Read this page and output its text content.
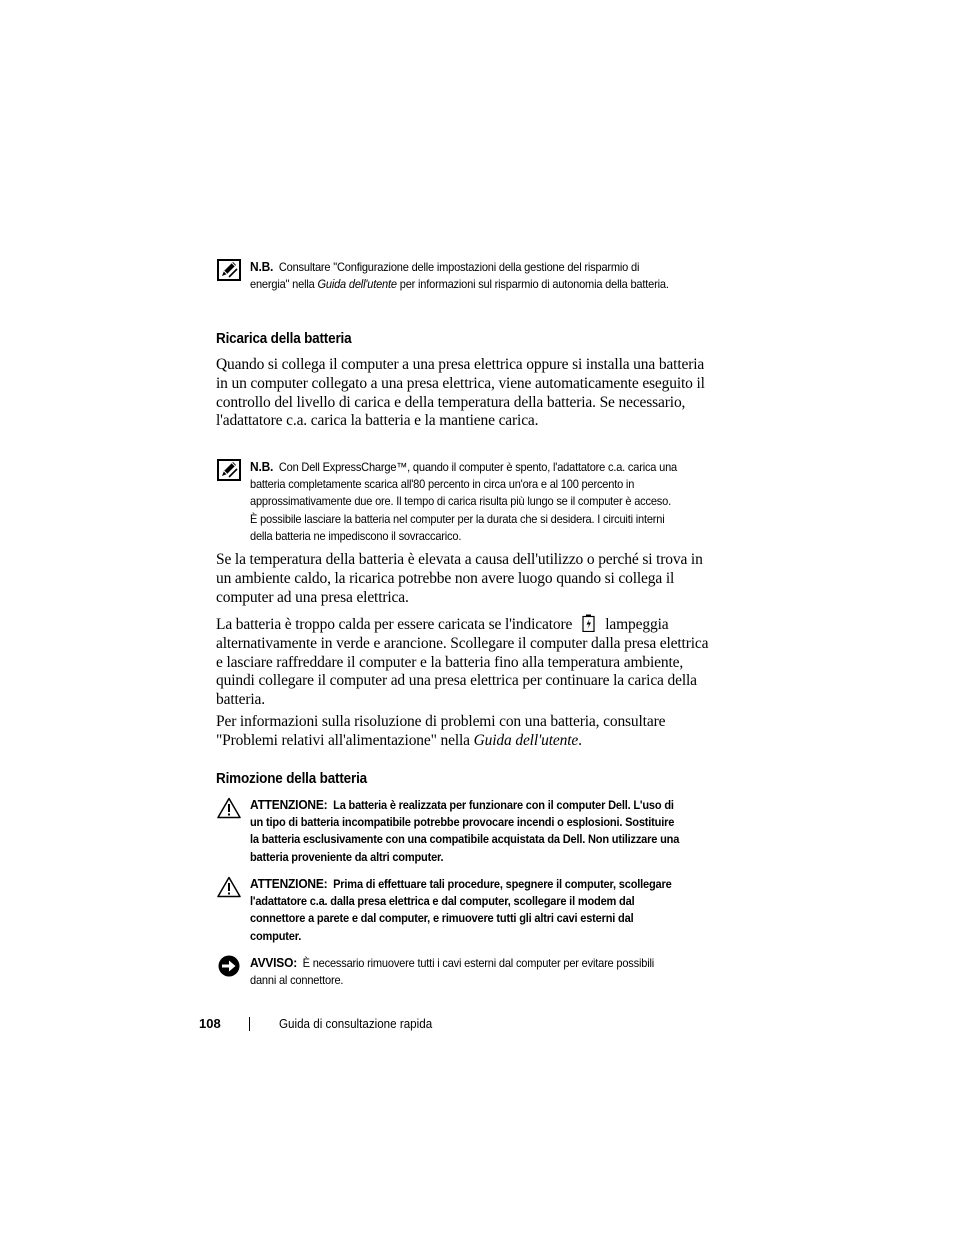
N.B. Consultare "Configurazione delle impostazioni della gestione del risparmio di energia" nella Guida dell'utente per informazioni sul risparmio di autonomia della batteria.
Ricarica della batteria

Quando si collega il computer a una presa elettrica oppure si installa una batteria in un computer collegato a una presa elettrica, viene automaticamente eseguito il controllo del livello di carica e della temperatura della batteria. Se necessario, l'adattatore c.a. carica la batteria e la mantiene carica.

N.B. Con Dell ExpressCharge™, quando il computer è spento, l'adattatore c.a. carica una batteria completamente scarica all'80 percento in circa un'ora e al 100 percento in approssimativamente due ore. Il tempo di carica risulta più lungo se il computer è acceso. È possibile lasciare la batteria nel computer per la durata che si desidera. I circuiti interni della batteria ne impediscono il sovraccarico.

Se la temperatura della batteria è elevata a causa dell'utilizzo o perché si trova in un ambiente caldo, la ricarica potrebbe non avere luogo quando si collega il computer ad una presa elettrica.

La batteria è troppo calda per essere caricata se l'indicatore lampeggia alternativamente in verde e arancione. Scollegare il computer dalla presa elettrica e lasciare raffreddare il computer e la batteria fino alla temperatura ambiente, quindi collegare il computer ad una presa elettrica per continuare la carica della batteria.

Per informazioni sulla risoluzione di problemi con una batteria, consultare "Problemi relativi all'alimentazione" nella Guida dell'utente.

Rimozione della batteria
ATTENZIONE: La batteria è realizzata per funzionare con il computer Dell. L'uso di un tipo di batteria incompatibile potrebbe provocare incendi o esplosioni. Sostituire la batteria esclusivamente con una compatibile acquistata da Dell. Non utilizzare una batteria proveniente da altri computer.
ATTENZIONE: Prima di effettuare tali procedure, spegnere il computer, scollegare l'adattatore c.a. dalla presa elettrica e dal computer, scollegare il modem dal connettore a parete e dal computer, e rimuovere tutti gli altri cavi esterni dal computer.
AVVISO: È necessario rimuovere tutti i cavi esterni dal computer per evitare possibili danni al connettore.
108	Guida di consultazione rapida
